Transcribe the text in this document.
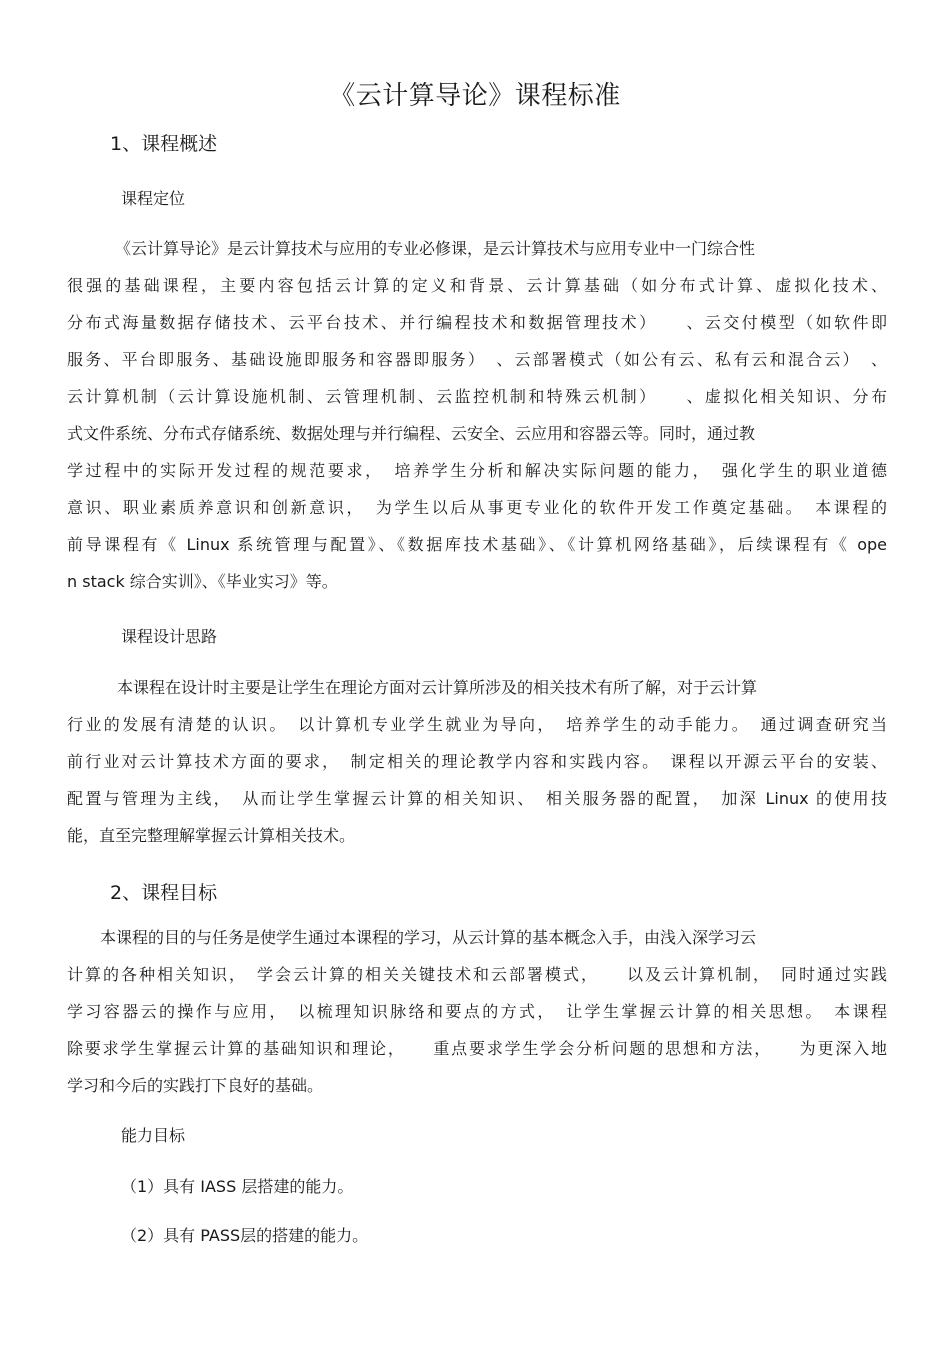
《云计算导论》课程标准
1、课程概述
课程定位
《云计算导论》是云计算技术与应用的专业必修课，是云计算技术与应用专业中一门综合性
很强的基础课程，主要内容包括云计算的定义和背景、云计算基础（如分布式计算、虚拟化技术、
分布式海量数据存储技术、云平台技术、并行编程技术和数据管理技术）　　、云交付模型（如软件即
服务、平台即服务、基础设施即服务和容器即服务）　、云部署模式（如公有云、私有云和混合云）　、
云计算机制（云计算设施机制、云管理机制、云监控机制和特殊云机制）　　、虚拟化相关知识、分布
式文件系统、分布式存储系统、数据处理与并行编程、云安全、云应用和容器云等。同时，通过教
学过程中的实际开发过程的规范要求，　培养学生分析和解决实际问题的能力，　强化学生的职业道德
意识、职业素质养意识和创新意识，　为学生以后从事更专业化的软件开发工作奠定基础。　本课程的
前导课程有《 Linux 系统管理与配置》、《数据库技术基础》、《计算机网络基础》，后续课程有《 ope
n stack 综合实训》、《毕业实习》等。
课程设计思路
本课程在设计时主要是让学生在理论方面对云计算所涉及的相关技术有所了解，对于云计算
行业的发展有清楚的认识。　以计算机专业学生就业为导向，　培养学生的动手能力。　通过调查研究当
前行业对云计算技术方面的要求，　制定相关的理论教学内容和实践内容。　课程以开源云平台的安装、
配置与管理为主线，　从而让学生掌握云计算的相关知识、　相关服务器的配置，　加深 Linux 的使用技
能，直至完整理解掌握云计算相关技术。
2、课程目标
本课程的目的与任务是使学生通过本课程的学习，从云计算的基本概念入手，由浅入深学习云
计算的各种相关知识，　学会云计算的相关关键技术和云部署模式，　　以及云计算机制，　同时通过实践
学习容器云的操作与应用，　以梳理知识脉络和要点的方式，　让学生掌握云计算的相关思想。　本课程
除要求学生掌握云计算的基础知识和理论，　　重点要求学生学会分析问题的思想和方法，　　为更深入地
学习和今后的实践打下良好的基础。
能力目标
（1）具有 IASS 层搭建的能力。
（2）具有 PASS层的搭建的能力。
